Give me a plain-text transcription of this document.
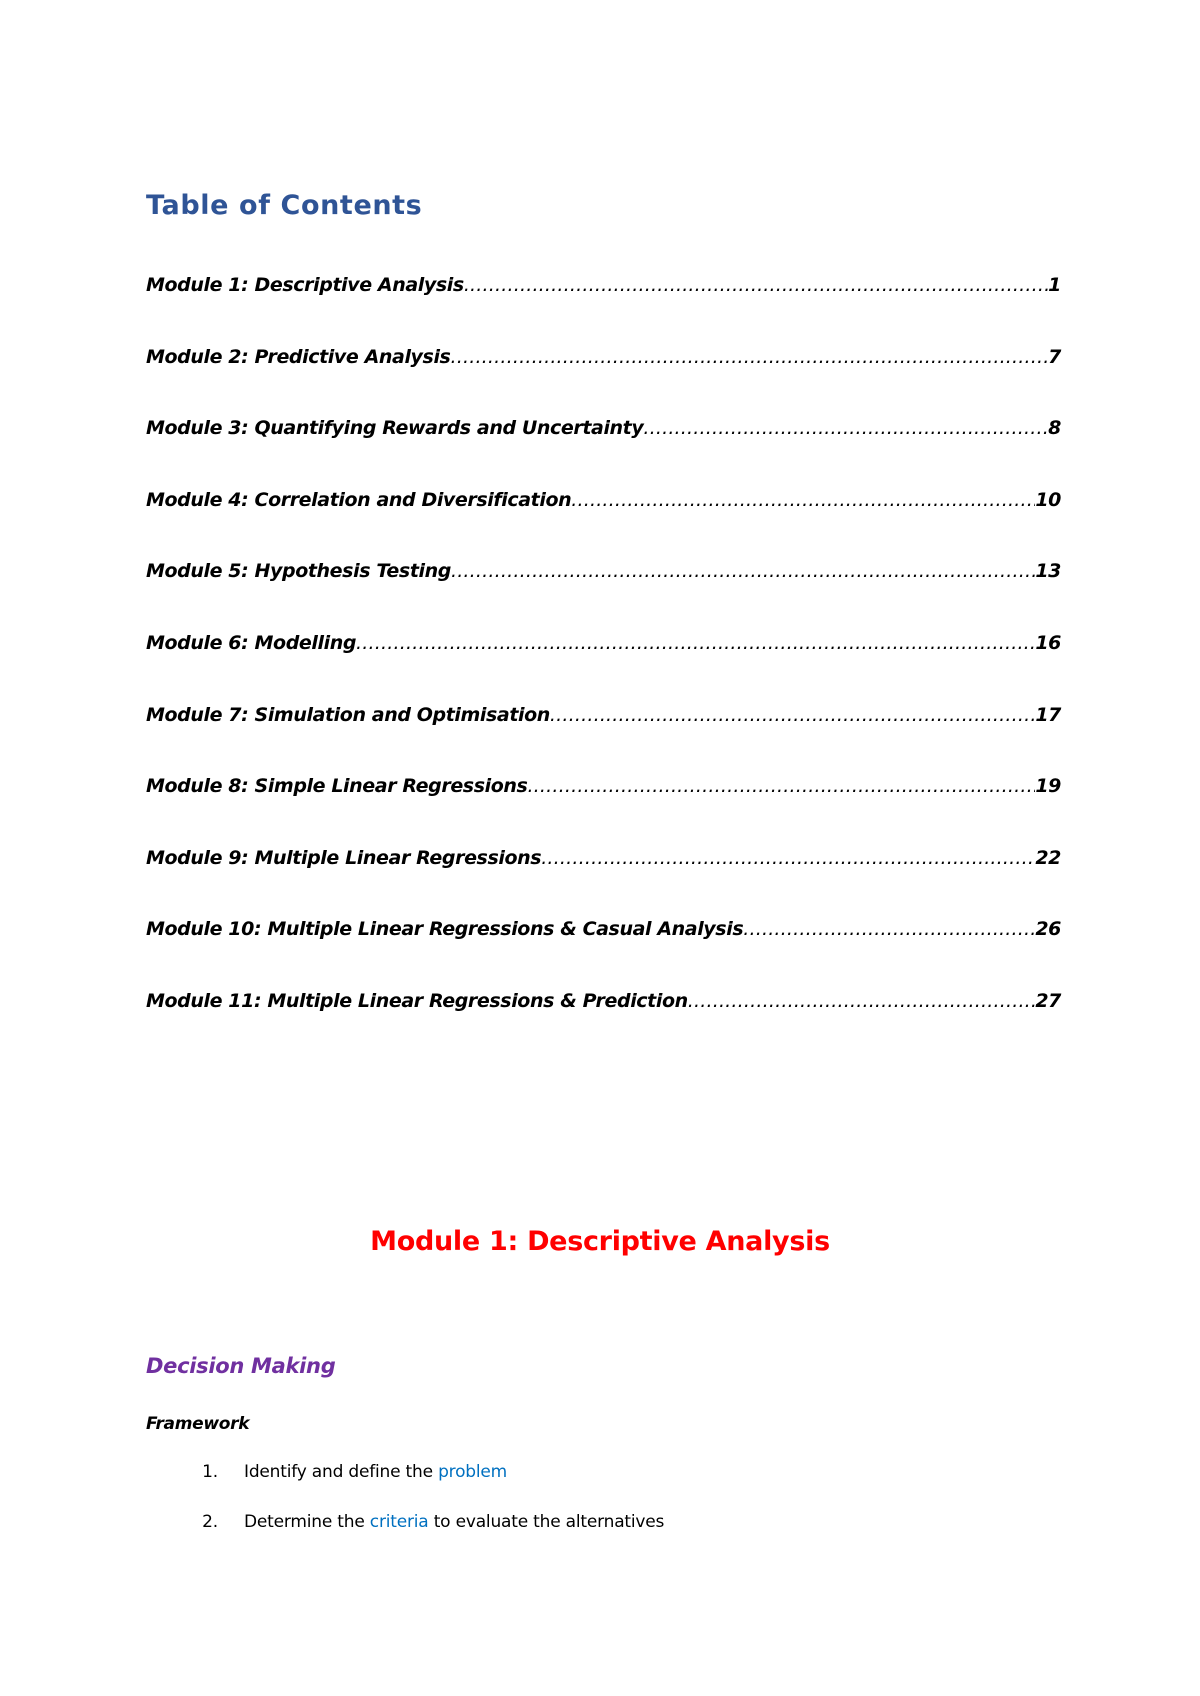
Table of Contents
Module 1: Descriptive Analysis .....	1
Module 2: Predictive Analysis .....	7
Module 3: Quantifying Rewards and Uncertainty .....	8
Module 4: Correlation and Diversification .....	10
Module 5: Hypothesis Testing .....	13
Module 6: Modelling .....	16
Module 7: Simulation and Optimisation .....	17
Module 8: Simple Linear Regressions .....	19
Module 9: Multiple Linear Regressions .....	22
Module 10: Multiple Linear Regressions & Casual Analysis .....	26
Module 11: Multiple Linear Regressions & Prediction .....	27
Module 1: Descriptive Analysis
Decision Making

Framework

1. Identify and define the problem
2. Determine the criteria to evaluate the alternatives
